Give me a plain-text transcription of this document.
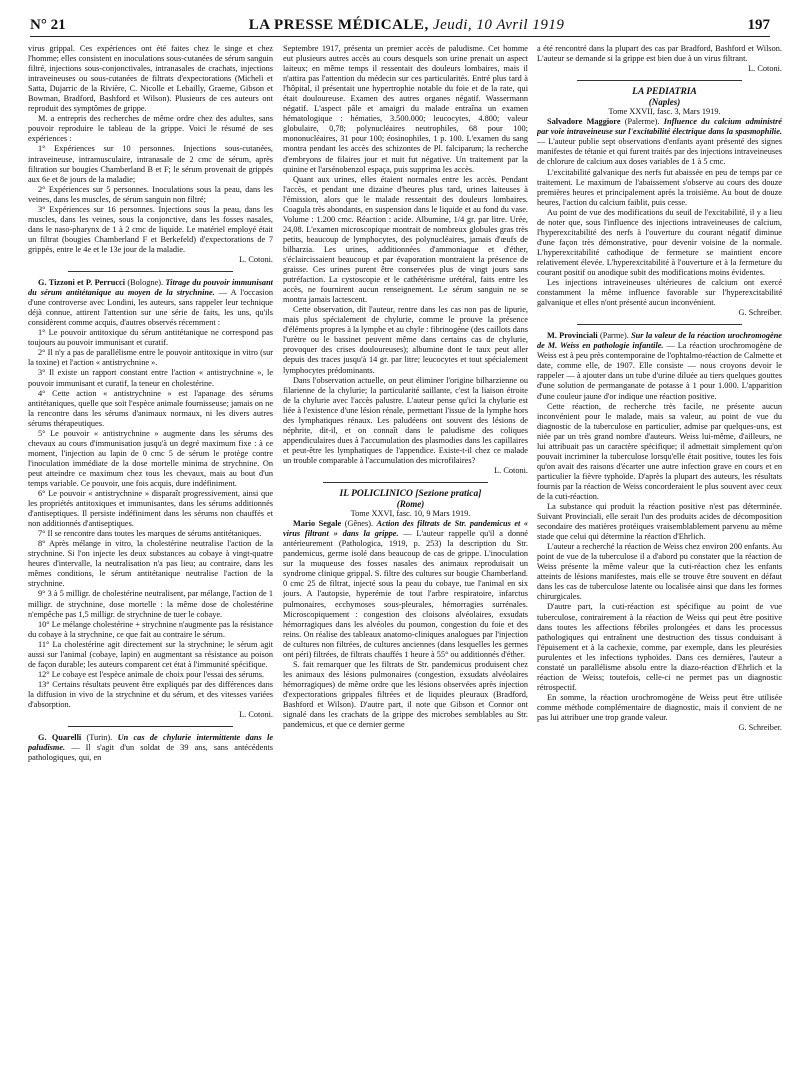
N° 21	LA PRESSE MÉDICALE, Jeudi, 10 Avril 1919	197

virus grippal. Ces expériences ont été faites chez le singe et chez l'homme; elles consistent en inoculations sous-cutanées de sérum sanguin filtré, injections sous-conjonctivales, intranasales de crachats, injections intraveineuses ou sous-cutanées de filtrats d'expectorations (Micheli et Satta, Dujarric de la Rivière, C. Nicolle et Lebailly, Graeme, Gibson et Bowman, Bradford, Bashford et Wilson). Plusieurs de ces auteurs ont reproduit des symptômes de grippe.

M. a entrepris des recherches de même ordre chez des adultes, sans pouvoir reproduire le tableau de la grippe. Voici le résumé de ses expériences :

1° Expériences sur 10 personnes. Injections sous-cutanées, intraveineuse, intramusculaire, intranasale de 2 cmc de sérum, après filtration sur bougies Chamberland B et F; le sérum provenait de grippés aux 6e et 8e jours de la maladie;

2° Expériences sur 5 personnes. Inoculations sous la peau, dans les veines, dans les muscles, de sérum sanguin non filtré;

3° Expériences sur 16 personnes. Injections sous la peau, dans les muscles, dans les veines, sous la conjonctive, dans les fosses nasales, dans le naso-pharynx de 1 à 2 cmc de liquide. Le matériel employé était un filtrat (bougies Chamberland F et Berkefeld) d'expectorations de 7 grippés, entre le 4e et le 13e jour de la maladie.

L. Cotoni.

G. Tizzoni et P. Perrucci (Bologne). Titrage du pouvoir immunisant du sérum antitétanique au moyen de la strychnine. — A l'occasion d'une controverse avec Londini, les auteurs, sans rappeler leur technique déjà connue, attirent l'attention sur une série de faits, les uns, qu'ils considèrent comme acquis, d'autres observés récemment :

1° Le pouvoir antitoxique du sérum antitétanique ne correspond pas toujours au pouvoir immunisant et curatif.

2° Il n'y a pas de parallélisme entre le pouvoir antitoxique in vitro (sur la toxine) et l'action « antistrychnine ».

3° Il existe un rapport constant entre l'action « antistrychnine », le pouvoir immunisant et curatif, la teneur en cholestérine.

4° Cette action « antistrychnine » est l'apanage des sérums antitétaniques, quelle que soit l'espèce animale fournisseuse; jamais on ne la rencontre dans les sérums d'animaux normaux, ni les divers autres sérums thérapeutiques.

5° Le pouvoir « antistrychnine » augmente dans les sérums des chevaux au cours d'immunisation jusqu'à un degré maximum fixe : à ce moment, l'injection au lapin de 0 cmc 5 de sérum le protège contre l'inoculation immédiate de la dose mortelle minima de strychnine. On peut atteindre ce maximum chez tous les chevaux, mais au bout d'un temps variable. Ce pouvoir, une fois acquis, dure indéfiniment.

6° Le pouvoir « antistrychnine » disparaît progressivement, ainsi que les propriétés antitoxiques et immunisantes, dans les sérums additionnés d'antiseptiques. Il persiste indéfiniment dans les sérums non chauffés et non additionnés d'antiseptiques.

7° Il se rencontre dans toutes les marques de sérums antitétaniques.

8° Après mélange in vitro, la cholestérine neutralise l'action de la strychnine. Si l'on injecte les deux substances au cobaye à vingt-quatre heures d'intervalle, la neutralisation n'a pas lieu; au contraire, dans les mêmes conditions, le sérum antitétanique neutralise l'action de la strychnine.

9° 3 à 5 milligr. de cholestérine neutralisent, par mélange, l'action de 1 milligr. de strychnine, dose mortelle : la même dose de cholestérine n'empêche pas 1,5 milligr. de strychnine de tuer le cobaye.

10° Le mélange cholestérine + strychnine n'augmente pas la résistance du cobaye à la strychnine, ce que fait au contraire le sérum.

11° La cholestérine agit directement sur la strychnine; le sérum agit aussi sur l'animal (cobaye, lapin) en augmentant sa résistance au poison de façon durable; les auteurs comparent cet état à l'immunité spécifique.

12° Le cobaye est l'espèce animale de choix pour l'essai des sérums.

13° Certains résultats peuvent être expliqués par des différences dans la diffusion in vivo de la strychnine et du sérum, et des vitesses variées d'absorption.

L. Cotoni.

G. Quarelli (Turin). Un cas de chylurie intermittente dans le paludisme. — Il s'agit d'un soldat de 39 ans, sans antécédents pathologiques, qui, en

Septembre 1917, présenta un premier accès de paludisme. Cet homme eut plusieurs autres accès au cours desquels son urine prenait un aspect laiteux; en même temps il ressentait des douleurs lombaires, mais il n'attira pas l'attention du médecin sur ces particularités. Entré plus tard à l'hôpital, il présentait une hypertrophie notable du foie et de la rate, qui était douloureuse. Examen des autres organes négatif. Wassermann négatif. L'aspect pâle et amaigri du malade entraîna un examen hématologique : hématies, 3.500.000; leucocytes, 4.800; valeur globulaire, 0,78; polynucléaires neutrophiles, 68 pour 100; mononucléaires, 31 pour 100; éosinophiles, 1 p. 100. L'examen du sang montra pendant les accès des schizontes de Pl. falciparum; la recherche d'embryons de filaires jour et nuit fut négative. Un traitement par la quinine et l'arsénobenzol espaça, puis supprima les accès.

Quant aux urines, elles étaient normales entre les accès. Pendant l'accès, et pendant une dizaine d'heures plus tard, urines laiteuses à l'émission, alors que le malade ressentait des douleurs lombaires. Coagula très abondants, en suspension dans le liquide et au fond du vase. Volume : 1.200 cmc. Réaction : acide. Albumine, 1/4 gr. par litre. Urée, 24,08. L'examen microscopique montrait de nombreux globules gras très petits, beaucoup de lymphocytes, des polynucléaires, jamais d'œufs de bilharzia. Les urines, additionnées d'ammoniaque et d'éther, s'éclaircissaient beaucoup et par évaporation montraient la présence de graisse. Ces urines purent être conservées plus de vingt jours sans putréfaction. La cystoscopie et le cathétérisme urétéral, faits entre les accès, ne fournirent aucun renseignement. Le sérum sanguin ne se montra jamais lactescent.

Cette observation, dit l'auteur, rentre dans les cas non pas de lipurie, mais plus spécialement de chylurie, comme le prouve la présence d'éléments propres à la lymphe et au chyle : fibrinogène (des caillots dans l'urètre ou le bassinet peuvent même dans certains cas de chylurie, provoquer des crises douloureuses); albumine dont le taux peut aller depuis des traces jusqu'à 14 gr. par litre; leucocytes et tout spécialement lymphocytes prédominants.

Dans l'observation actuelle, on peut éliminer l'origine bilharzienne ou filarienne de la chylurie; la particularité saillante, c'est la liaison étroite de la chylurie avec l'accès palustre. L'auteur pense qu'ici la chylurie est liée à l'existence d'une lésion rénale, permettant l'issue de la lymphe hors des lymphatiques rénaux. Les paludéens ont souvent des lésions de néphrite, dit-il, et on connaît dans le paludisme des coliques appendiculaires dues à l'accumulation des plasmodies dans les capillaires et peut-être les lymphatiques de l'appendice. Existe-t-il chez ce malade un trouble comparable à l'accumulation des microfilaires?

L. Cotoni.

IL POLICLINICO [Sezione pratica]

(Rome)

Tome XXVI, fasc. 10, 9 Mars 1919.

Mario Segale (Gênes). Action des filtrats de Str. pandemicus et « virus filtrant » dans la grippe. — L'auteur rappelle qu'il a donné antérieurement (Pathologica, 1919, p. 253) la description du Str. pandemicus, germe isolé dans beaucoup de cas de grippe. L'inoculation sur la muqueuse des fosses nasales des animaux reproduisait un syndrome clinique grippal. S. filtre des cultures sur bougie Chamberland. 0 cmc 25 de filtrat, injecté sous la peau du cobaye, tue l'animal en six jours. A l'autopsie, hyperémie de tout l'arbre respiratoire, infarctus pulmonaires, ecchymoses sous-pleurales, hémorragies surrénales. Microscopiquement : congestion des cloisons alvéolaires, exsudats hémorragiques dans les alvéoles du poumon, congestion du foie et des reins. On réalise des tableaux anatomo-cliniques analogues par l'injection de cultures non filtrées, de cultures anciennes (dans lesquelles les germes ont péri) filtrées, de filtrats chauffés 1 heure à 55° ou additionnés d'éther.

S. fait remarquer que les filtrats de Str. pandemicus produisent chez les animaux des lésions pulmonaires (congestion, exsudats alvéolaires hémorragiques) de même ordre que les lésions observées après injection d'expectorations grippales filtrées et de liquides pleuraux (Bradford, Bashford et Wilson). D'autre part, il note que Gibson et Connor ont signalé dans les crachats de la grippe des microbes semblables au Str. pandemicus, et que ce dernier germe

a été rencontré dans la plupart des cas par Bradford, Bashford et Wilson. L'auteur se demande si la grippe est bien due à un virus filtrant.

L. Cotoni.

LA PEDIATRIA

(Naples)

Tome XXVII, fasc. 3, Mars 1919.

Salvadore Maggiore (Palerme). Influence du calcium administré par voie intraveineuse sur l'excitabilité électrique dans la spasmophilie. — L'auteur publie sept observations d'enfants ayant présenté des signes manifestes de tétanie et qui furent traités par des injections intraveineuses de chlorure de calcium aux doses variables de 1 à 5 cmc.

L'excitabilité galvanique des nerfs fut abaissée en peu de temps par ce traitement. Le maximum de l'abaissement s'observe au cours des douze premières heures et principalement après la troisième. Au bout de douze heures, l'action du calcium faiblit, puis cesse.

Au point de vue des modifications du seuil de l'excitabilité, il y a lieu de noter que, sous l'influence des injections intraveineuses de calcium, l'hyperexcitabilité des nerfs à l'ouverture du courant négatif diminue d'une façon très démonstrative, pour devenir voisine de la normale. L'hyperexcitabilité cathodique de fermeture se maintient encore relativement élevée. L'hyperexcitabilité à l'ouverture et à la fermeture du courant positif ou anodique subit des modifications moins évidentes.

Les injections intraveineuses ultérieures de calcium ont exercé constamment la même influence favorable sur l'hyperexcitabilité galvanique et elles n'ont présenté aucun inconvénient.

G. Schreiber.

M. Provinciali (Parme). Sur la valeur de la réaction urochromogène de M. Weiss en pathologie infantile. — La réaction urochromogène de Weiss est à peu près contemporaine de l'ophtalmo-réaction de Calmette et date, comme elle, de 1907. Elle consiste — nous croyons devoir le rappeler — à ajouter dans un tube d'urine diluée au tiers quelques gouttes d'une solution de permanganate de potasse à 1 pour 1.000. L'apparition d'une couleur jaune d'or indique une réaction positive.

Cette réaction, de recherche très facile, ne présente aucun inconvénient pour le malade, mais sa valeur, au point de vue du diagnostic de la tuberculose en particulier, admise par quelques-uns, est niée par un très grand nombre d'auteurs. Weiss lui-même, d'ailleurs, ne lui attribuait pas un caractère spécifique; il admettait simplement qu'on pouvait incriminer la tuberculose lorsqu'elle était positive, toutes les fois qu'on avait des raisons d'écarter une autre infection grave en cours et en particulier la fièvre typhoïde. D'après la plupart des auteurs, les résultats fournis par la réaction de Weiss concorderaient le plus souvent avec ceux de la cuti-réaction.

La substance qui produit la réaction positive n'est pas déterminée. Suivant Provinciali, elle serait l'un des produits acides de décomposition secondaire des matières protéiques vraisemblablement parvenu au même stade que celui qui détermine la réaction d'Ehrlich.

L'auteur a recherché la réaction de Weiss chez environ 200 enfants. Au point de vue de la tuberculose il a d'abord pu constater que la réaction de Weiss présente la même valeur que la cuti-réaction chez les enfants atteints de lésions manifestes, mais elle se trouve être souvent en défaut dans les cas de tuberculose latente ou localisée ainsi que dans les formes chirurgicales.

D'autre part, la cuti-réaction est spécifique au point de vue tuberculose, contrairement à la réaction de Weiss qui peut être positive dans toutes les affections fébriles prolongées et dans les processus pathologiques qui entraînent une destruction des tissus conduisant à l'épuisement et à la cachexie, comme, par exemple, dans les pleurésies purulentes et les infections typhoïdes. Dans ces dernières, l'auteur a constaté un parallélisme absolu entre la diazo-réaction d'Ehrlich et la réaction de Weiss; toutefois, celle-ci ne permet pas un diagnostic rétrospectif.

En somme, la réaction urochromogène de Weiss peut être utilisée comme méthode complémentaire de diagnostic, mais il convient de ne pas lui attribuer une trop grande valeur.

G. Schreiber.
